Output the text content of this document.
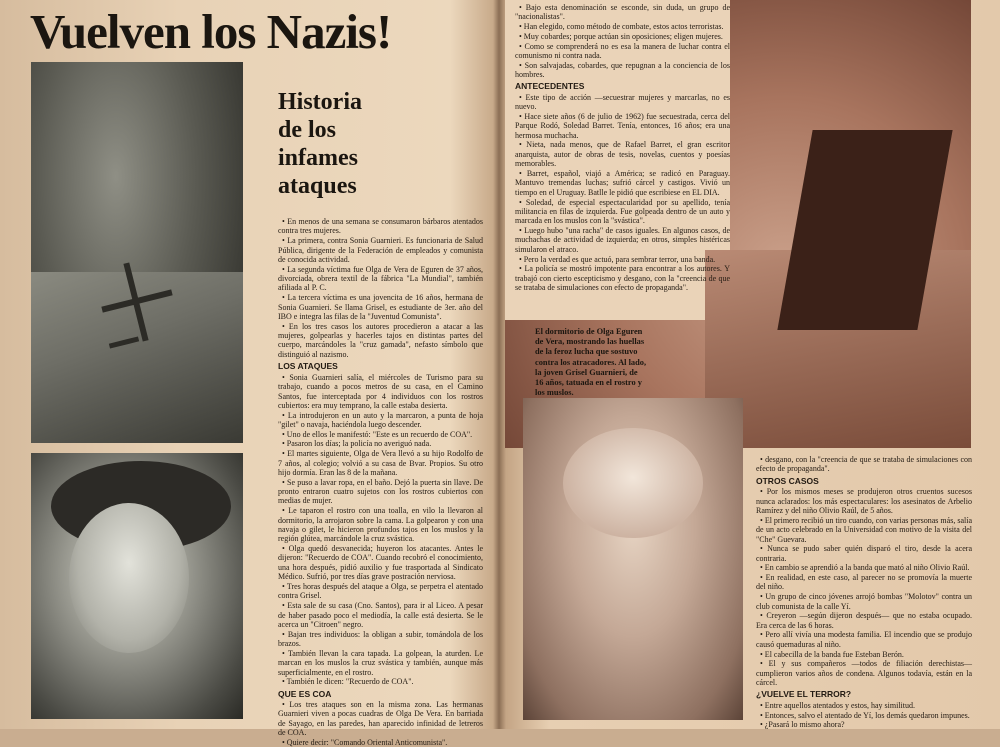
Vuelven los Nazis!
Historia
de los
infames
ataques

• En menos de una semana se consumaron bárbaros atentados contra tres mujeres.

• La primera, contra Sonia Guarnieri. Es funcionaria de Salud Pública, dirigente de la Federación de empleados y comunista de conocida actividad.

• La segunda víctima fue Olga de Vera de Eguren de 37 años, divorciada, obrera textil de la fábrica "La Mundial", también afiliada al P. C.

• La tercera víctima es una jovencita de 16 años, hermana de Sonia Guarnieri. Se llama Grisel, es estudiante de 3er. año del IBO e integra las filas de la "Juventud Comunista".

• En los tres casos los autores procedieron a atacar a las mujeres, golpearlas y hacerles tajos en distintas partes del cuerpo, marcándoles la "cruz gamada", nefasto símbolo que distinguió al nazismo.

LOS ATAQUES

• Sonia Guarnieri salía, el miércoles de Turismo para su trabajo, cuando a pocos metros de su casa, en el Camino Santos, fue interceptada por 4 individuos con los rostros cubiertos: era muy temprano, la calle estaba desierta.

• La introdujeron en un auto y la marcaron, a punta de hoja "gilet" o navaja, haciéndola luego descender.

• Uno de ellos le manifestó: "Este es un recuerdo de COA".

• Pasaron los días; la policía no averiguó nada.

• El martes siguiente, Olga de Vera llevó a su hijo Rodolfo de 7 años, al colegio; volvió a su casa de Bvar. Propios. Su otro hijo dormía. Eran las 8 de la mañana.

• Se puso a lavar ropa, en el baño. Dejó la puerta sin llave. De pronto entraron cuatro sujetos con los rostros cubiertos con medias de mujer.

• Le taparon el rostro con una toalla, en vilo la llevaron al dormitorio, la arrojaron sobre la cama. La golpearon y con una navaja o gilet, le hicieron profundos tajos en los muslos y la región glútea, marcándole la cruz svástica.

• Olga quedó desvanecida; huyeron los atacantes. Antes le dijeron: "Recuerdo de COA". Cuando recobró el conocimiento, una hora después, pidió auxilio y fue trasportada al Sindicato Médico. Sufrió, por tres días grave postración nerviosa.

• Tres horas después del ataque a Olga, se perpetra el atentado contra Grisel.

• Esta sale de su casa (Cno. Santos), para ir al Liceo. A pesar de haber pasado poco el mediodía, la calle está desierta. Se le acerca un "Citroen" negro.

• Bajan tres individuos: la obligan a subir, tomándola de los brazos.

• También llevan la cara tapada. La golpean, la aturden. Le marcan en los muslos la cruz svástica y también, aunque más superficialmente, en el rostro.

• También le dicen: "Recuerdo de COA".

QUE ES COA

• Los tres ataques son en la misma zona. Las hermanas Guarnieri viven a pocas cuadras de Olga De Vera. En barriada de Sayago, en las paredes, han aparecido infinidad de letreros de COA.

• Quiere decir: "Comando Oriental Anticomunista".

• Bajo esta denominación se esconde, sin duda, un grupo de "nacionalistas".

• Han elegido, como método de combate, estos actos terroristas.

• Muy cobardes; porque actúan sin oposiciones; eligen mujeres.

• Como se comprenderá no es esa la manera de luchar contra el comunismo ni contra nada.

• Son salvajadas, cobardes, que repugnan a la conciencia de los hombres.

ANTECEDENTES

• Este tipo de acción —secuestrar mujeres y marcarlas, no es nuevo.

• Hace siete años (6 de julio de 1962) fue secuestrada, cerca del Parque Rodó, Soledad Barret. Tenía, entonces, 16 años; era una hermosa muchacha.

• Nieta, nada menos, que de Rafael Barret, el gran escritor anarquista, autor de obras de tesis, novelas, cuentos y poesías memorables.

• Barret, español, viajó a América; se radicó en Paraguay. Mantuvo tremendas luchas; sufrió cárcel y castigos. Vivió un tiempo en el Uruguay. Batlle le pidió que escribiese en EL DIA.

• Soledad, de especial espectacularidad por su apellido, tenía militancia en filas de izquierda. Fue golpeada dentro de un auto y marcada en los muslos con la "svástica".

• Luego hubo "una racha" de casos iguales. En algunos casos, de muchachas de actividad de izquierda; en otros, simples histéricas simularon el atraco.

• Pero la verdad es que actuó, para sembrar terror, una banda.

• La policía se mostró impotente para encontrar a los autores. Y trabajó con cierto escepticismo y desgano, con la "creencia de que se trataba de simulaciones con efecto de propaganda".

El dormitorio de Olga Eguren de Vera, mostrando las huellas de la feroz lucha que sostuvo contra los atracadores. Al lado, la joven Grisel Guarnieri, de 16 años, tatuada en el rostro y los muslos.

• desgano, con la "creencia de que se trataba de simulaciones con efecto de propaganda".

OTROS CASOS

• Por los mismos meses se produjeron otros cruentos sucesos nunca aclarados: los más espectaculares: los asesinatos de Arbelio Ramírez y del niño Olivio Raúl, de 5 años.

• El primero recibió un tiro cuando, con varias personas más, salía de un acto celebrado en la Universidad con motivo de la visita del "Che" Guevara.

• Nunca se pudo saber quién disparó el tiro, desde la acera contraria.

• En cambio se aprendió a la banda que mató al niño Olivio Raúl.

• En realidad, en este caso, al parecer no se promovía la muerte del niño.

• Un grupo de cinco jóvenes arrojó bombas "Molotov" contra un club comunista de la calle Yí.

• Creyeron —según dijeron después— que no estaba ocupado. Era cerca de las 6 horas.

• Pero allí vivía una modesta familia. El incendio que se produjo causó quemaduras al niño.

• El cabecilla de la banda fue Esteban Berón.

• El y sus compañeros —todos de filiación derechistas— cumplieron varios años de condena. Algunos todavía, están en la cárcel.

¿VUELVE EL TERROR?

• Entre aquellos atentados y estos, hay similitud.

• Entonces, salvo el atentado de Yí, los demás quedaron impunes.

• ¿Pasará lo mismo ahora?
